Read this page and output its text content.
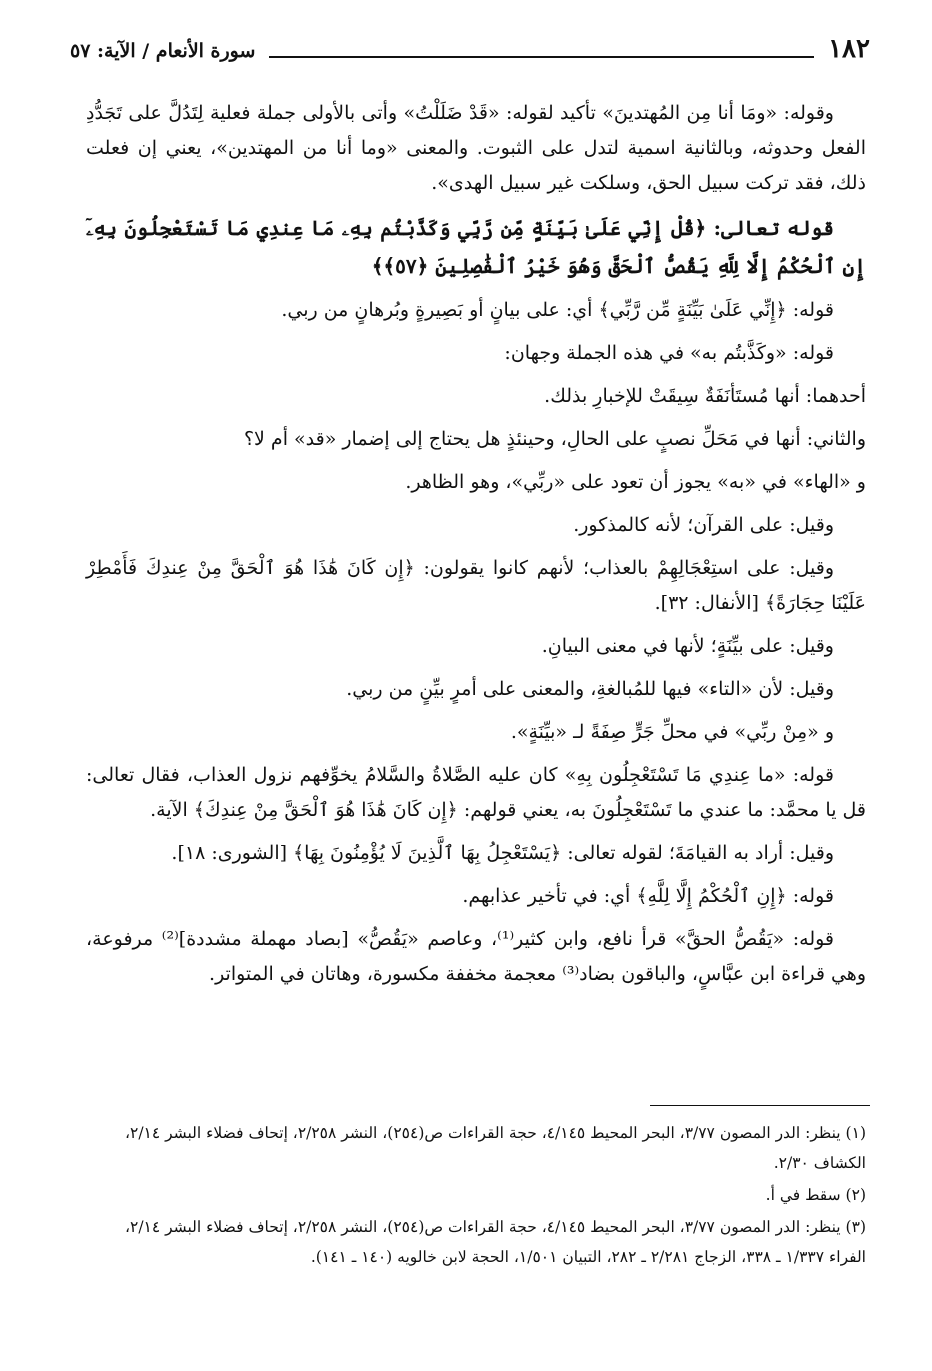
١٨٢
سورة الأنعام / الآية: ٥٧

وقوله: «ومَا أنا مِن المُهتدينَ» تأكيد لقوله: «قَدْ ضَلَلْتُ» وأتى بالأولى جملة فعلية لِتَدُلَّ على تَجَدُّدِ الفعل وحدوثه، وبالثانية اسمية لتدل على الثبوت. والمعنى «وما أنا من المهتدين»، يعني إن فعلت ذلك، فقد تركت سبيل الحق، وسلكت غير سبيل الهدى».

قوله تعالى: ﴿قُلْ إِنِّي عَلَىٰ بَيِّنَةٍ مِّن رَّبِّي وَكَذَّبْتُم بِهِۦ مَا عِندِي مَا تَسْتَعْجِلُونَ بِهِۦٓ إِنِ ٱلْحُكْمُ إِلَّا لِلَّهِ يَقُصُّ ٱلْحَقَّ وَهُوَ خَيْرُ ٱلْفَٰصِلِينَ ﴿٥٧﴾﴾

قوله: ﴿إِنِّي عَلَىٰ بَيِّنَةٍ مِّن رَّبِّي﴾ أي: على بيانٍ أو بَصِيرةٍ وبُرهانٍ من ربي.

قوله: «وكَذَّبتُم به» في هذه الجملة وجهان:

أحدهما: أنها مُستَأنَفَةٌ سِيقَتْ للإخبارِ بذلك.

والثاني: أنها في مَحَلِّ نصبٍ على الحالِ، وحينئذٍ هل يحتاج إلى إضمار «قد» أم لا؟

و «الهاء» في «به» يجوز أن تعود على «ربِّي»، وهو الظاهر.

وقيل: على القرآن؛ لأنه كالمذكور.

وقيل: على استِعْجَالِهِمْ بالعذاب؛ لأنهم كانوا يقولون: ﴿إِن كَانَ هَٰذَا هُوَ ٱلْحَقَّ مِنْ عِندِكَ فَأَمْطِرْ عَلَيْنَا حِجَارَةً﴾ [الأنفال: ٣٢].

وقيل: على بيِّنَةٍ؛ لأنها في معنى البيانِ.

وقيل: لأن «التاء» فيها للمُبالغةِ، والمعنى على أمرٍ بيِّنٍ من ربي.

و «مِنْ ربِّي» في محلِّ جَرٍّ صِفَةً لـ «بيِّنَةٍ».

قوله: «ما عِندِي مَا تَسْتَعْجِلُون بِهِ» كان عليه الصَّلاةُ والسَّلامُ يخوِّفهم نزول العذاب، فقال تعالى: قل يا محمَّد: ما عندي ما تَسْتَعْجِلُونَ به، يعني قولهم: ﴿إِن كَانَ هَٰذَا هُوَ ٱلْحَقَّ مِنْ عِندِكَ﴾ الآية.

وقيل: أراد به القيامَةَ؛ لقوله تعالى: ﴿يَسْتَعْجِلُ بِهَا ٱلَّذِينَ لَا يُؤْمِنُونَ بِهَا﴾ [الشورى: ١٨].

قوله: ﴿إِنِ ٱلْحُكْمُ إِلَّا لِلَّهِ﴾ أي: في تأخير عذابهم.

قوله: «يَقُصُّ الحقَّ» قرأ نافع، وابن كثير⁽¹⁾، وعاصم «يَقُصُّ» [بصاد مهملة مشددة]⁽²⁾ مرفوعة، وهي قراءة ابن عبَّاسٍ، والباقون بضاد⁽³⁾ معجمة مخففة مكسورة، وهاتان في المتواتر.

(١) ينظر: الدر المصون ٣/٧٧، البحر المحيط ٤/١٤٥، حجة القراءات ص(٢٥٤)، النشر ٢/٢٥٨، إتحاف فضلاء البشر ٢/١٤، الكشاف ٢/٣٠.

(٢) سقط في أ.

(٣) ينظر: الدر المصون ٣/٧٧، البحر المحيط ٤/١٤٥، حجة القراءات ص(٢٥٤)، النشر ٢/٢٥٨، إتحاف فضلاء البشر ٢/١٤، الفراء ١/٣٣٧ ـ ٣٣٨، الزجاج ٢/٢٨١ ـ ٢٨٢، التبيان ١/٥٠١، الحجة لابن خالويه (١٤٠ ـ ١٤١).
